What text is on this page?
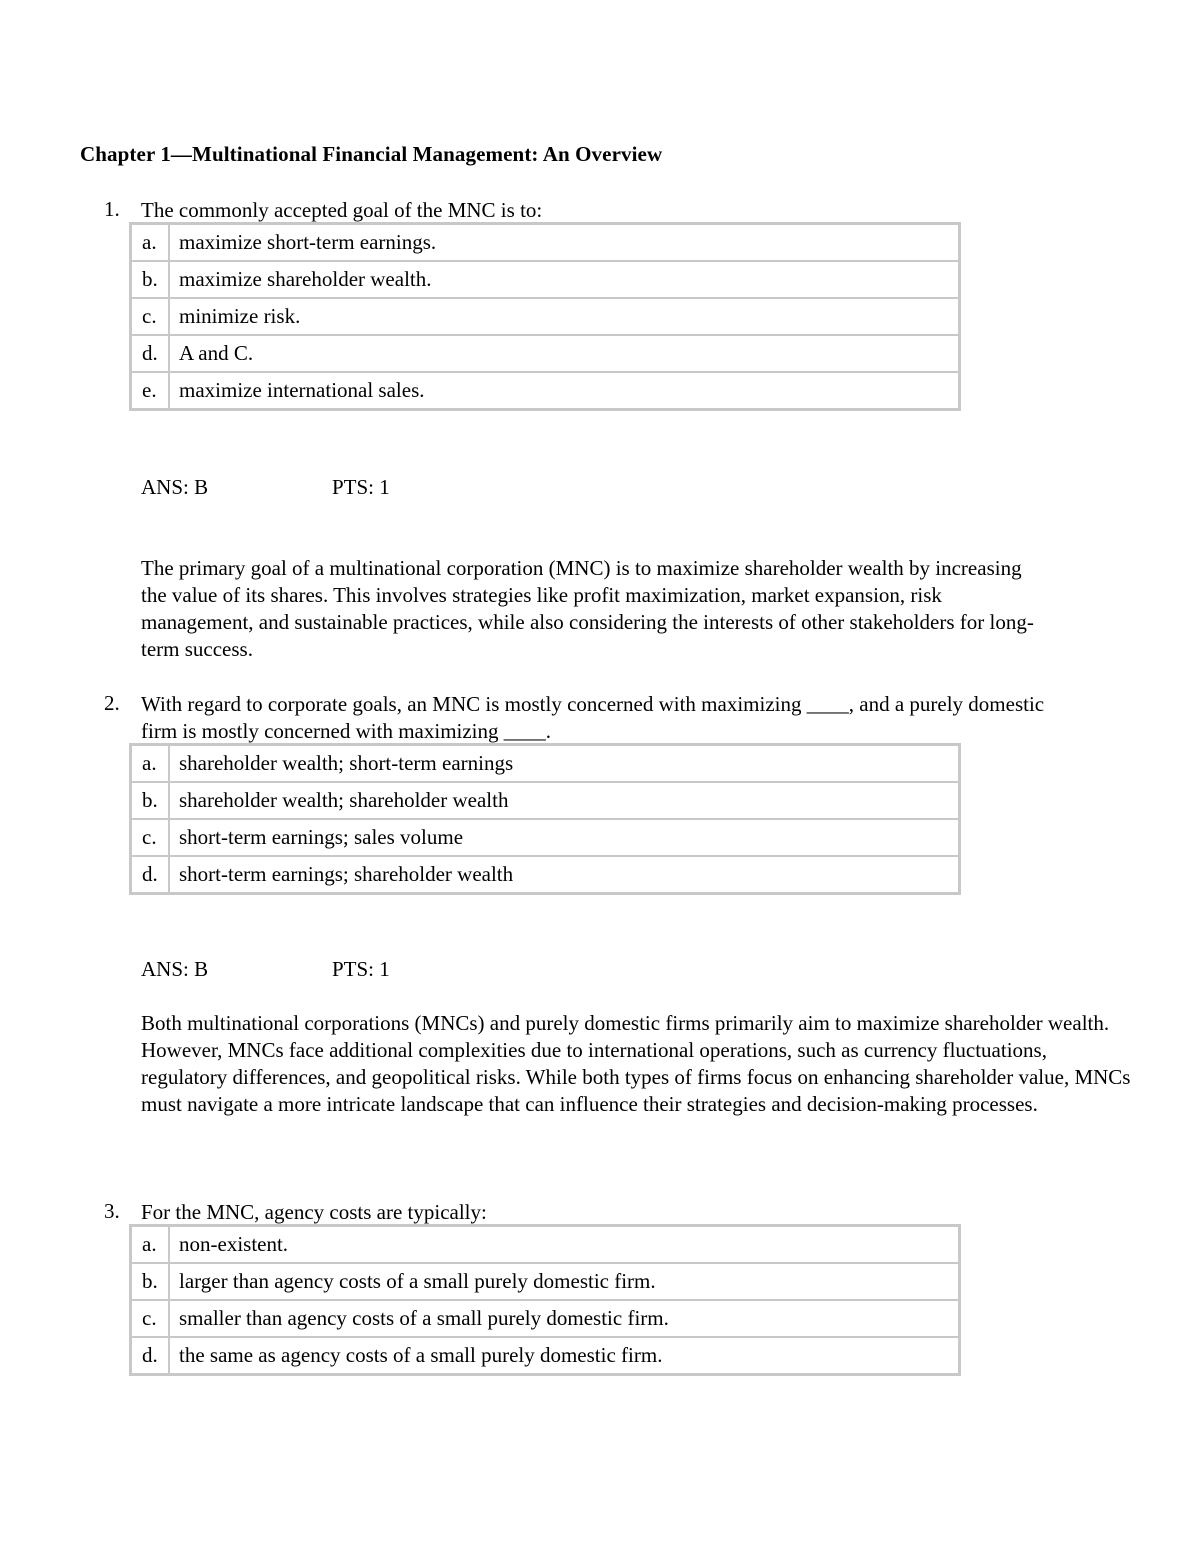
Chapter 1—Multinational Financial Management: An Overview
1. The commonly accepted goal of the MNC is to:
a.	maximize short-term earnings.
b.	maximize shareholder wealth.
c.	minimize risk.
d.	A and C.
e.	maximize international sales.
ANS: B	PTS: 1
The primary goal of a multinational corporation (MNC) is to maximize shareholder wealth by increasing the value of its shares. This involves strategies like profit maximization, market expansion, risk management, and sustainable practices, while also considering the interests of other stakeholders for long-term success.
2. With regard to corporate goals, an MNC is mostly concerned with maximizing ____, and a purely domestic firm is mostly concerned with maximizing ____.
a.	shareholder wealth; short-term earnings
b.	shareholder wealth; shareholder wealth
c.	short-term earnings; sales volume
d.	short-term earnings; shareholder wealth
ANS: B	PTS: 1
Both multinational corporations (MNCs) and purely domestic firms primarily aim to maximize shareholder wealth. However, MNCs face additional complexities due to international operations, such as currency fluctuations, regulatory differences, and geopolitical risks. While both types of firms focus on enhancing shareholder value, MNCs must navigate a more intricate landscape that can influence their strategies and decision-making processes.
3. For the MNC, agency costs are typically:
a.	non-existent.
b.	larger than agency costs of a small purely domestic firm.
c.	smaller than agency costs of a small purely domestic firm.
d.	the same as agency costs of a small purely domestic firm.
